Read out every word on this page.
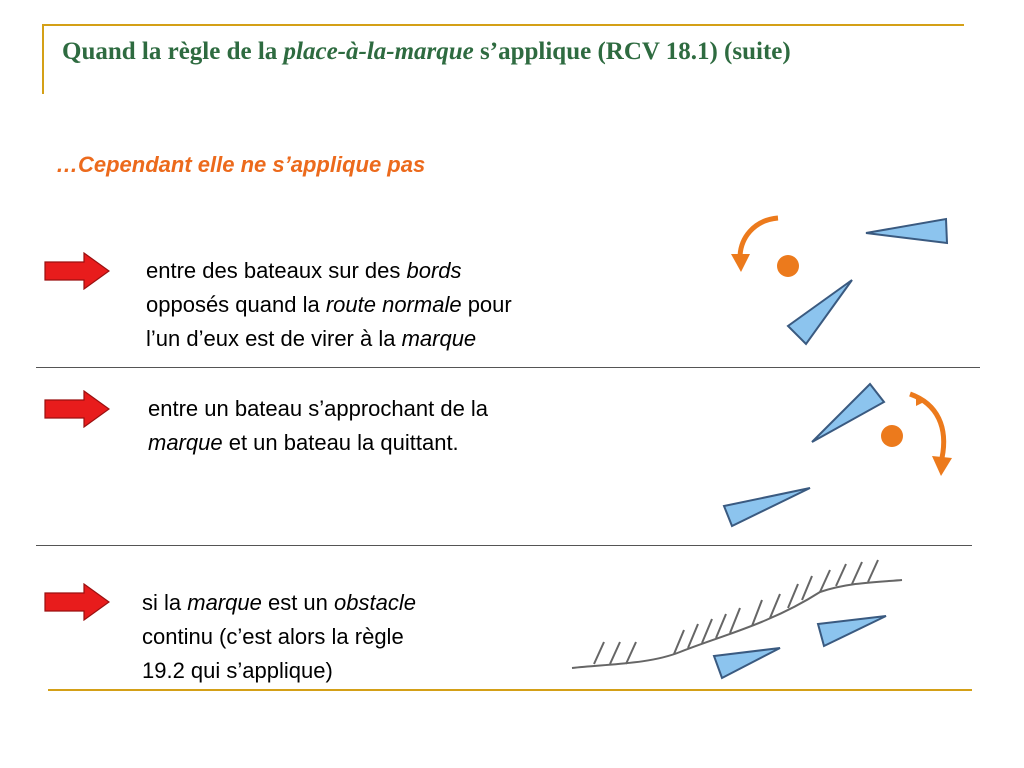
Quand la règle de la place-à-la-marque s’applique (RCV 18.1) (suite)
…Cependant elle ne s’applique pas
entre des bateaux sur des bords
opposés quand la route normale pour
l’un d’eux est de virer à la marque
entre un bateau s’approchant de la
marque et un bateau la quittant.
si la marque est un obstacle
continu (c’est alors la règle
19.2 qui s’applique)
